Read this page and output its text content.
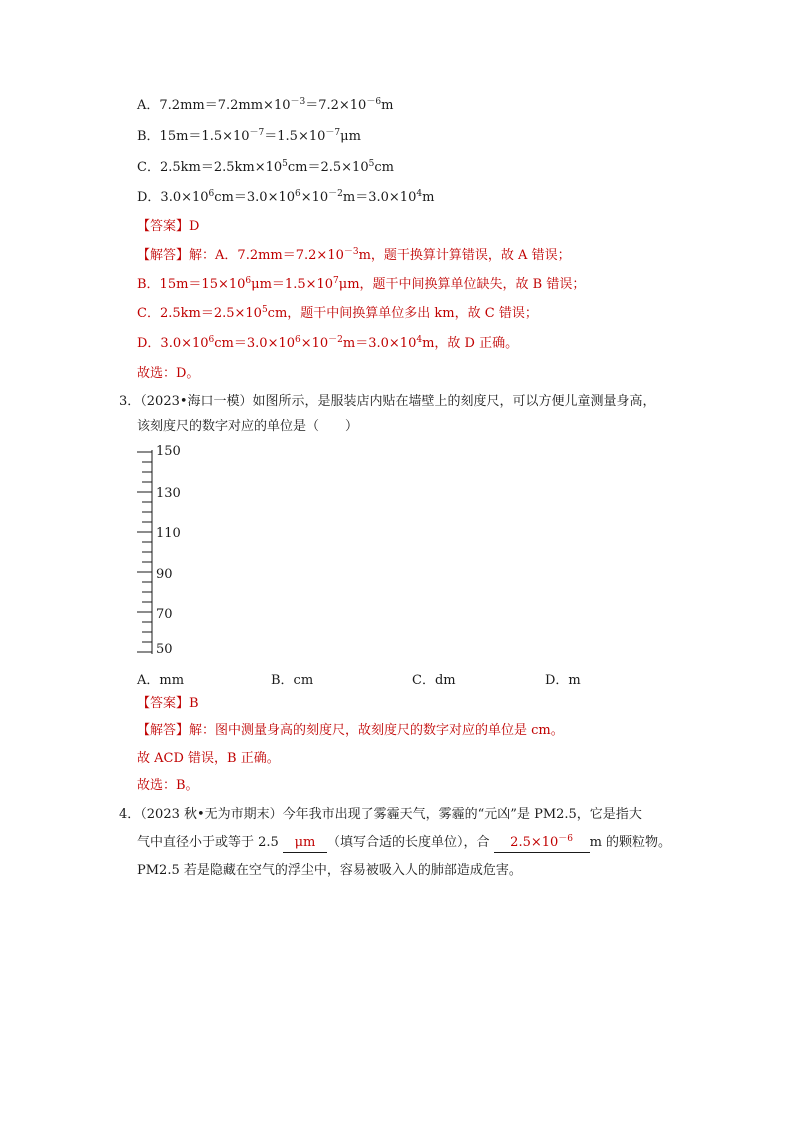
A．$7.2mm=7.2mm\times 10^{-3}=7.2\times 10^{-6}m$
B．$15m=1.5\times 10^{-7}=1.5\times 10^{-7}\mu m$
C．$2.5km=2.5km\times 10^5cm=2.5\times 10^5cm$
D．$3.0\times 10^6cm=3.0\times 10^6\times 10^{-2}m=3.0\times 10^4m$
【答案】D
【解答】解：A．$7.2mm=7.2\times 10^{-3}m$，题干换算计算错误，故 A 错误；
B．$15m=15\times 10^6\mu m=1.5\times 10^7\mu m$，题干中间换算单位缺失，故 B 错误；
C．$2.5km=2.5\times 10^5cm$，题干中间换算单位多出 km，故 C 错误；
D．$3.0\times 10^6cm=3.0\times 10^6\times 10^{-2}m=3.0\times 10^4m$，故 D 正确。
故选：D。
3．（2023•海口一模）如图所示，是服装店内贴在墙壁上的刻度尺，可以方便儿童测量身高，
该刻度尺的数字对应的单位是（　　）
150
130
110
90
70
50
A．mm	B．cm	C．dm	D．m
【答案】B
【解答】解：图中测量身高的刻度尺，故刻度尺的数字对应的单位是 cm。
故 ACD 错误，B 正确。
故选：B。
4．（2023 秋•无为市期末）今年我市出现了雾霾天气，雾霾的“元凶”是 PM2.5，它是指大
气中直径小于或等于 2.5 μm （填写合适的长度单位），合 $2.5\times 10^{-6}$ m 的颗粒物。
PM2.5 若是隐藏在空气的浮尘中，容易被吸入人的肺部造成危害。
